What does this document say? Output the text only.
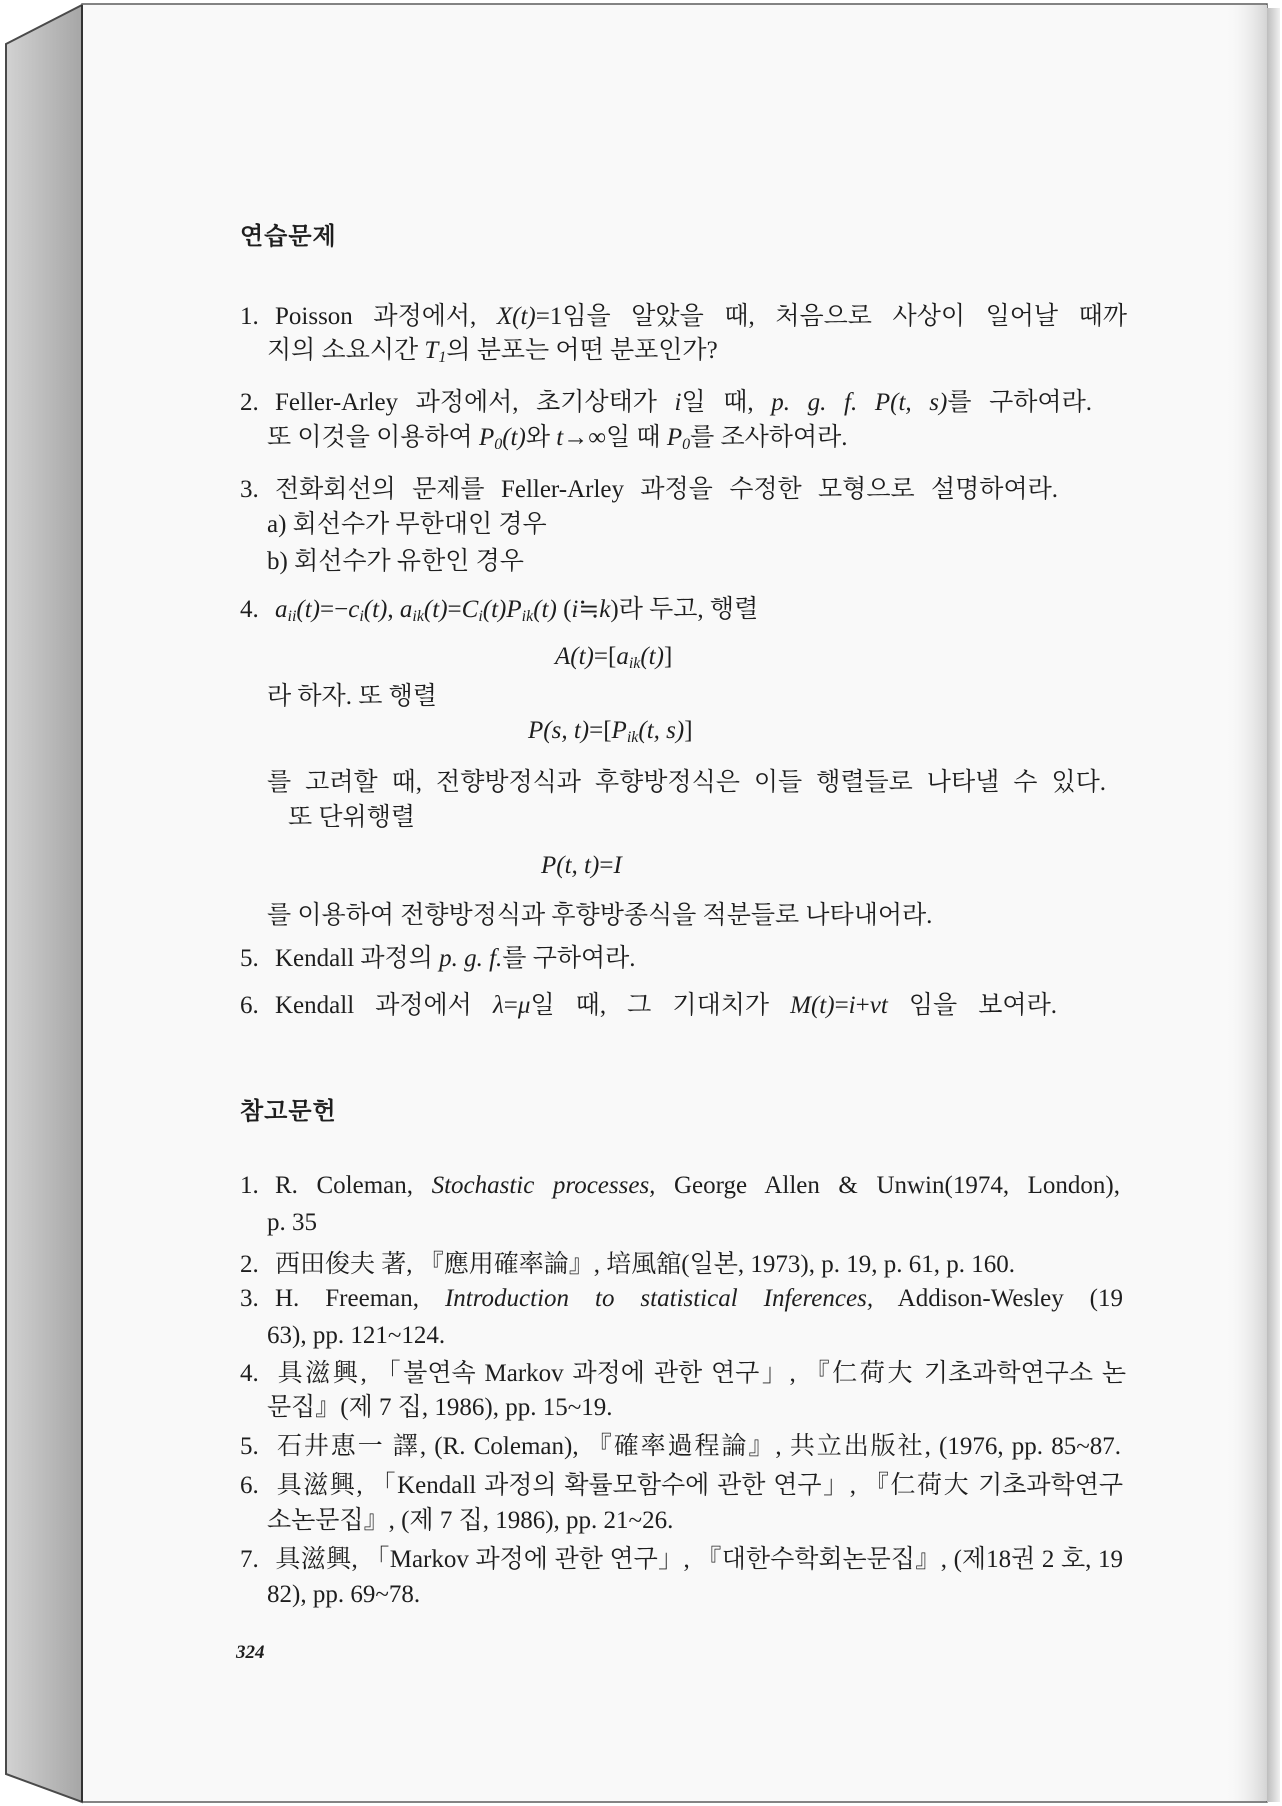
연습문제
1. Poisson 과정에서, X(t)=1임을 알았을 때, 처음으로 사상이 일어날 때까
지의 소요시간 $T_1$의 분포는 어떤 분포인가?
2. Feller-Arley 과정에서, 초기상태가 i일 때, p. g. f. P(t, s)를 구하여라.
또 이것을 이용하여 $P_0(t)$와 t→∞일 때 $P_0$를 조사하여라.
3. 전화회선의 문제를 Feller-Arley 과정을 수정한 모형으로 설명하여라.
a) 회선수가 무한대인 경우
b) 회선수가 유한인 경우
4. $a_{ii}(t)=-c_i(t)$, $a_{ik}(t)=C_i(t)P_{ik}(t)$ (i≒k)라 두고, 행렬
$A(t)=[a_{ik}(t)]$
라 하자. 또 행렬
P(s, $t)=[P_{ik}(t$, s)]
를 고려할 때, 전향방정식과 후향방정식은 이들 행렬들로 나타낼 수 있다.
또 단위행렬
P(t, t)=I
를 이용하여 전향방정식과 후향방종식을 적분들로 나타내어라.
5. Kendall 과정의 p. g. f.를 구하여라.
6. Kendall 과정에서 λ=μ일 때, 그 기대치가 M(t)=i+νt 임을 보여라.
참고문헌
1. R. Coleman, Stochastic processes, George Allen & Unwin(1974, London),
p. 35
2. 西田俊夫 著, 『應用確率論』, 培風舘(일본, 1973), p. 19, p. 61, p. 160.
3. H. Freeman, Introduction to statistical Inferences, Addison-Wesley (19
63), pp. 121~124.
4. 具滋興, 「불연속 Markov 과정에 관한 연구」, 『仁荷大 기초과학연구소 논
문집』(제 7 집, 1986), pp. 15~19.
5. 石井恵一 譯, (R. Coleman), 『確率過程論』, 共立出版社, (1976, pp. 85~87.
6. 具滋興, 「Kendall 과정의 확률모함수에 관한 연구」, 『仁荷大 기초과학연구
소논문집』, (제 7 집, 1986), pp. 21~26.
7. 具滋興, 「Markov 과정에 관한 연구」, 『대한수학회논문집』, (제18권 2 호, 19
82), pp. 69~78.
324
